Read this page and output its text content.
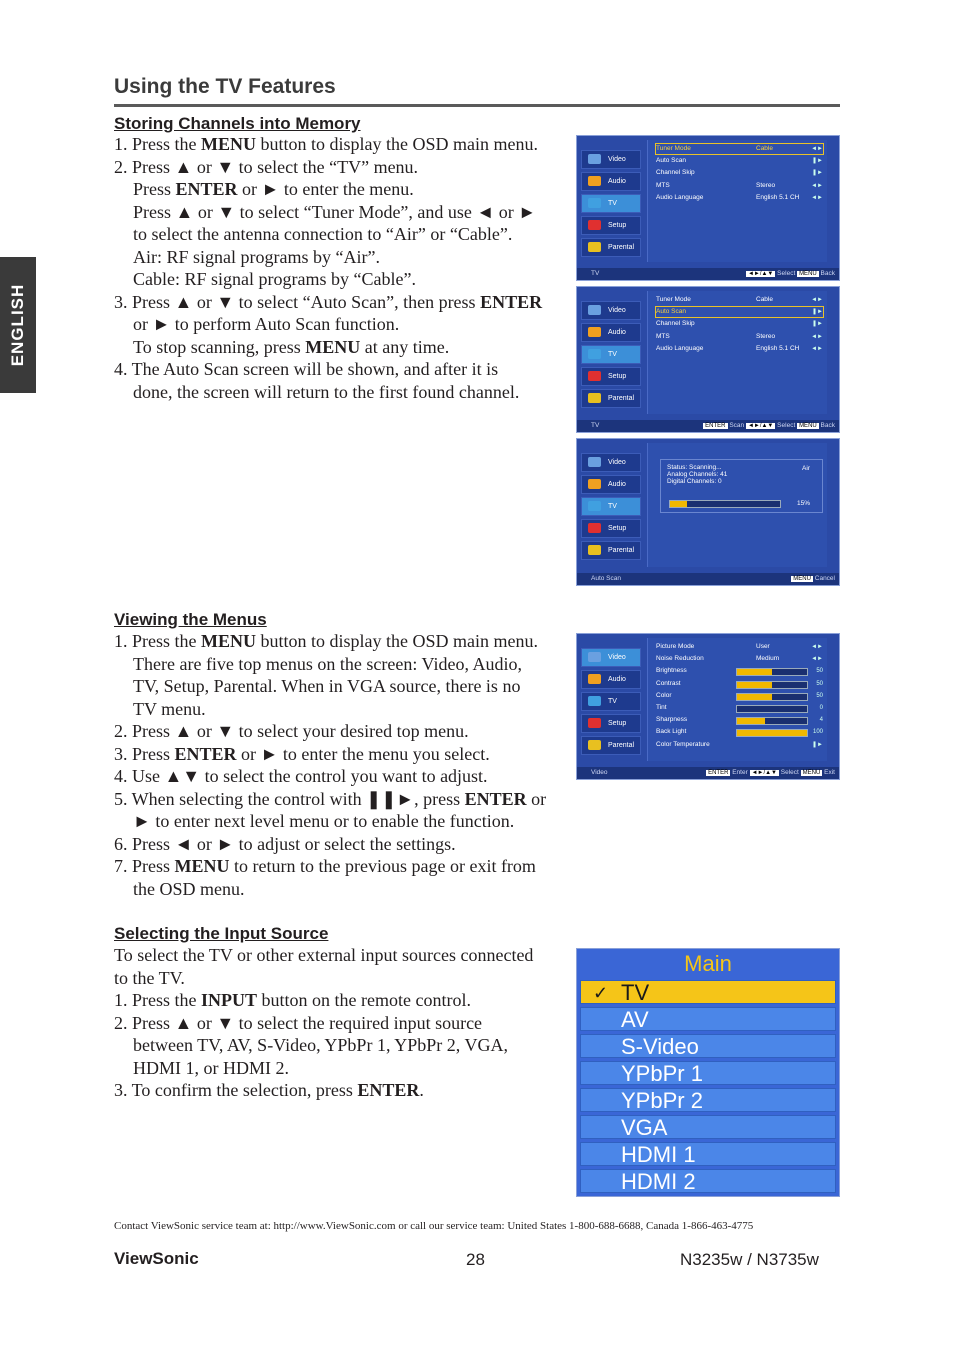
ENGLISH
Using the TV Features
Storing Channels into Memory
1. Press the MENU button to display the OSD main menu.
2. Press ▲ or ▼ to select the “TV” menu.
Press ENTER or ► to enter the menu.
Press ▲ or ▼ to select “Tuner Mode”, and use ◄ or ►
to select the antenna connection to “Air” or “Cable”.
Air: RF signal programs by “Air”.
Cable: RF signal programs by “Cable”.
3. Press ▲ or ▼ to select “Auto Scan”, then press ENTER
or ► to perform Auto Scan function.
To stop scanning, press MENU at any time.
4. The Auto Scan screen will be shown, and after it is
done, the screen will return to the first found channel.
Viewing the Menus
1. Press the MENU button to display the OSD main menu.
There are five top menus on the screen: Video, Audio,
TV, Setup, Parental. When in VGA source, there is no
TV menu.
2. Press ▲ or ▼ to select your desired top menu.
3. Press ENTER or ► to enter the menu you select.
4. Use ▲▼ to select the control you want to adjust.
5. When selecting the control with ❚❚►, press ENTER or
► to enter next level menu or to enable the function.
6. Press ◄ or ► to adjust or select the settings.
7. Press MENU to return to the previous page or exit from
the OSD menu.
Selecting the Input Source
To select the TV or other external input sources connected
to the TV.
1. Press the INPUT button on the remote control.
2. Press ▲ or ▼ to select the required input source
between TV, AV, S-Video, YPbPr 1, YPbPr 2, VGA,
HDMI 1, or HDMI 2.
3. To confirm the selection, press ENTER.
Video
Audio
TV
Setup
Parental
Tuner Mode	Cable	◄►
Auto Scan	❚►
Channel Skip	❚►
MTS	Stereo	◄►
Audio Language	English 5.1 CH ◄►
TV	◄►/▲▼ Select MENU Back
Video
Audio
TV
Setup
Parental
Tuner Mode	Cable	◄►
Auto Scan	❚►
Channel Skip	❚►
MTS	Stereo	◄►
Audio Language	English 5.1 CH ◄►
TV	ENTER Scan ◄►/▲▼ Select MENU Back
Video
Audio
TV
Setup
Parental
Status: Scanning...
Analog Channels: 41
Digital Channels: 0
Air
15%
Auto Scan	MENU Cancel
Video
Audio
TV
Setup
Parental
Picture Mode	User	◄►
Noise Reduction	Medium	◄►
Brightness	50
Contrast	50
Color	50
Tint	0
Sharpness	4
Back Light	100
Color Temperature	❚►
Video	ENTER Enter ◄►/▲▼ Select MENU Exit
Main
✓ TV
AV
S-Video
YPbPr 1
YPbPr 2
VGA
HDMI 1
HDMI 2
Contact ViewSonic service team at: http://www.ViewSonic.com or call our service team: United States 1-800-688-6688, Canada 1-866-463-4775
ViewSonic	28	N3235w / N3735w
